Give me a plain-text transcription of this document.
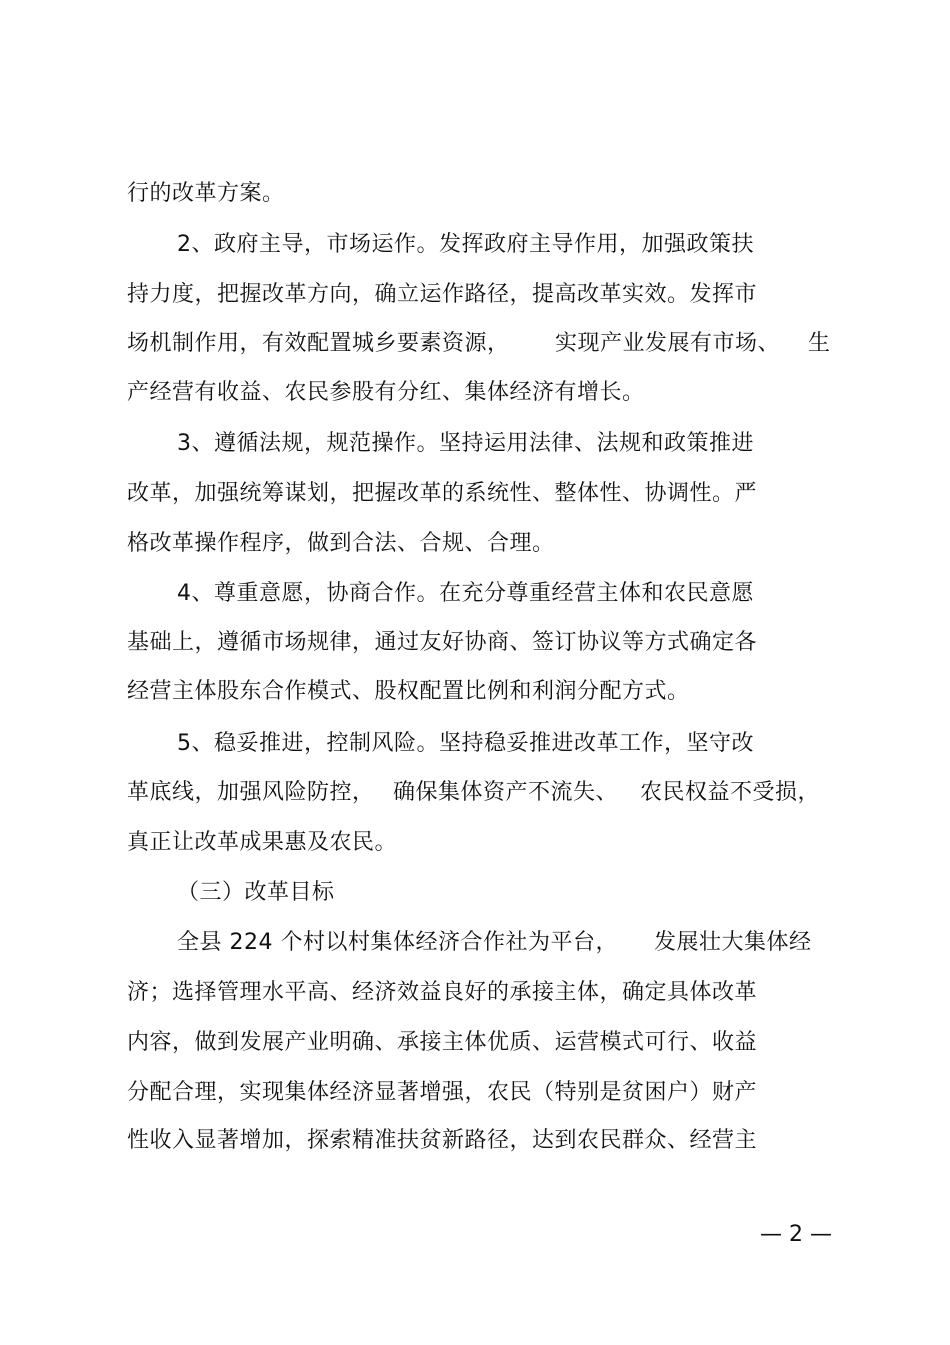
行的改革方案。
2、政府主导，市场运作。发挥政府主导作用，加强政策扶
持力度，把握改革方向，确立运作路径，提高改革实效。发挥市
场机制作用，有效配置城乡要素资源， 实现产业发展有市场、 生
产经营有收益、农民参股有分红、集体经济有增长。
3、遵循法规，规范操作。坚持运用法律、法规和政策推进
改革，加强统筹谋划，把握改革的系统性、整体性、协调性。严
格改革操作程序，做到合法、合规、合理。
4、尊重意愿，协商合作。在充分尊重经营主体和农民意愿
基础上，遵循市场规律，通过友好协商、签订协议等方式确定各
经营主体股东合作模式、股权配置比例和利润分配方式。
5、稳妥推进，控制风险。坚持稳妥推进改革工作，坚守改
革底线，加强风险防控， 确保集体资产不流失、 农民权益不受损，
真正让改革成果惠及农民。
（三）改革目标
全县 224 个村以村集体经济合作社为平台， 发展壮大集体经
济；选择管理水平高、经济效益良好的承接主体，确定具体改革
内容，做到发展产业明确、承接主体优质、运营模式可行、收益
分配合理，实现集体经济显著增强，农民（特别是贫困户）财产
性收入显著增加，探索精准扶贫新路径，达到农民群众、经营主
— 2 —
